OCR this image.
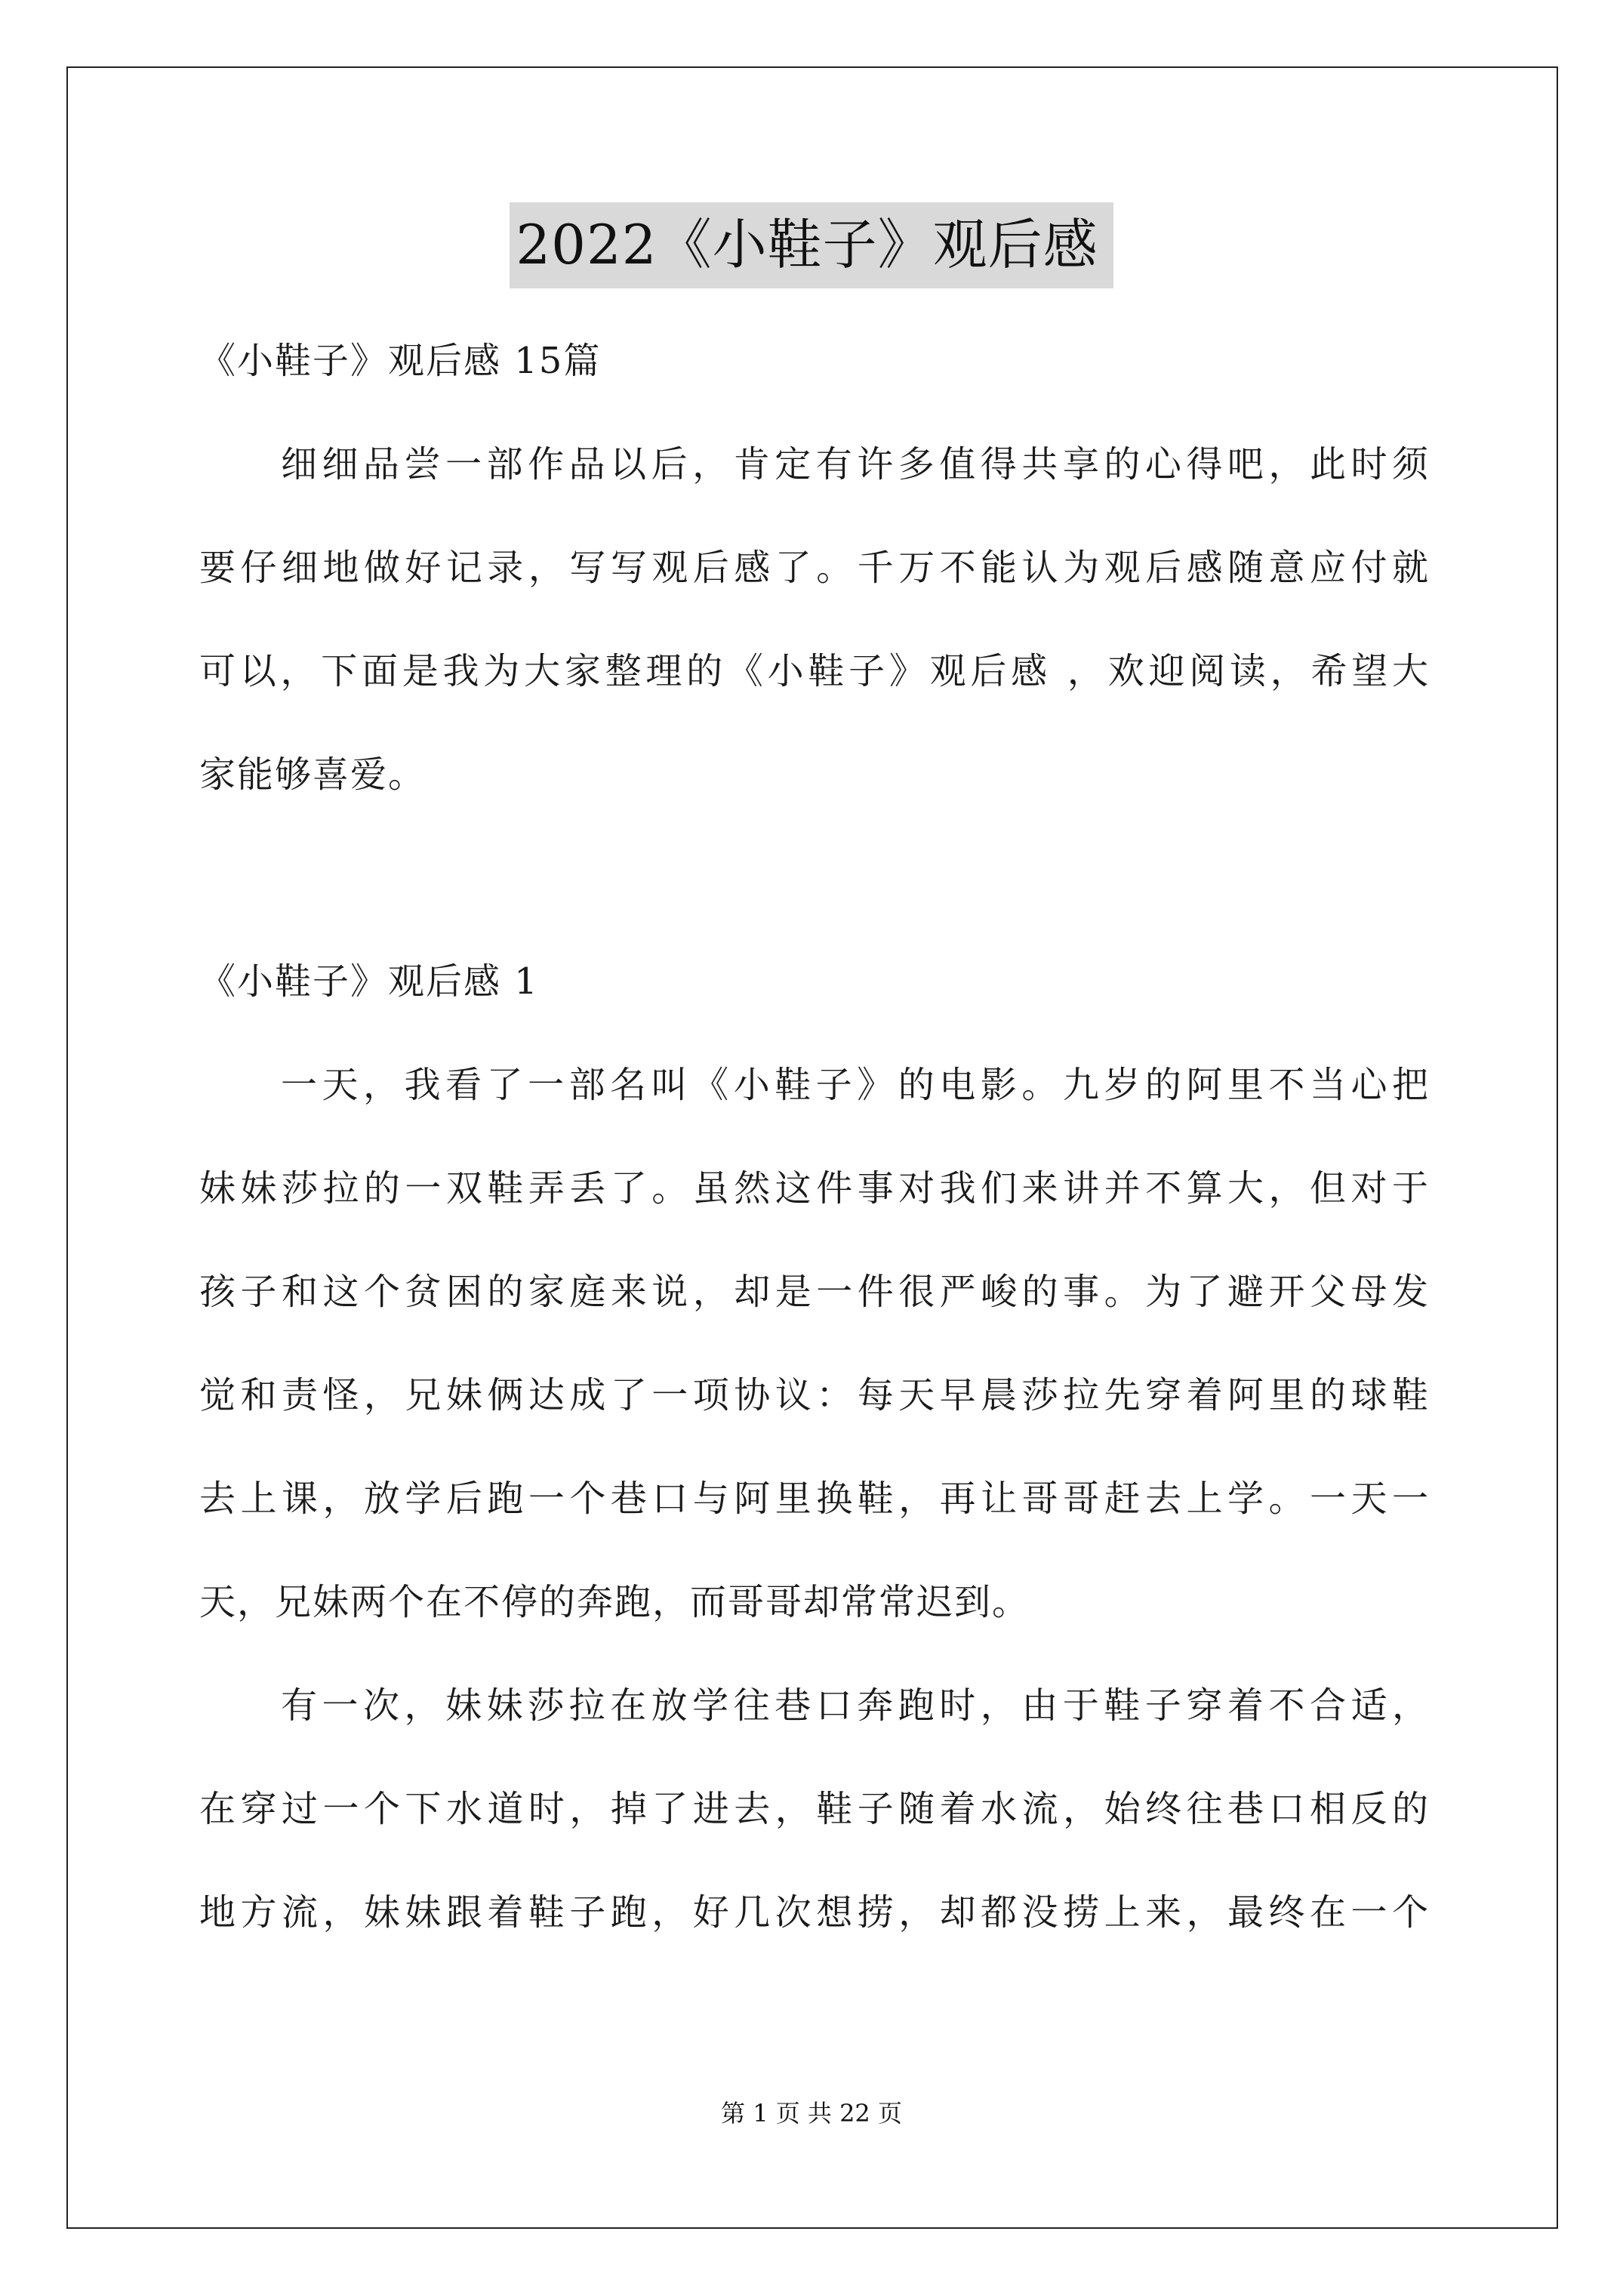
2022《小鞋子》观后感
《小鞋子》观后感 15篇
细细品尝一部作品以后，肯定有许多值得共享的心得吧，此时须
要仔细地做好记录，写写观后感了。千万不能认为观后感随意应付就
可以，下面是我为大家整理的《小鞋子》观后感 ，欢迎阅读，希望大
家能够喜爱。
《小鞋子》观后感 1
一天，我看了一部名叫《小鞋子》的电影。九岁的阿里不当心把
妹妹莎拉的一双鞋弄丢了。虽然这件事对我们来讲并不算大，但对于
孩子和这个贫困的家庭来说，却是一件很严峻的事。为了避开父母发
觉和责怪，兄妹俩达成了一项协议：每天早晨莎拉先穿着阿里的球鞋
去上课，放学后跑一个巷口与阿里换鞋，再让哥哥赶去上学。一天一
天，兄妹两个在不停的奔跑，而哥哥却常常迟到。
有一次，妹妹莎拉在放学往巷口奔跑时，由于鞋子穿着不合适，
在穿过一个下水道时，掉了进去，鞋子随着水流，始终往巷口相反的
地方流，妹妹跟着鞋子跑，好几次想捞，却都没捞上来，最终在一个
第 1 页 共 22 页
